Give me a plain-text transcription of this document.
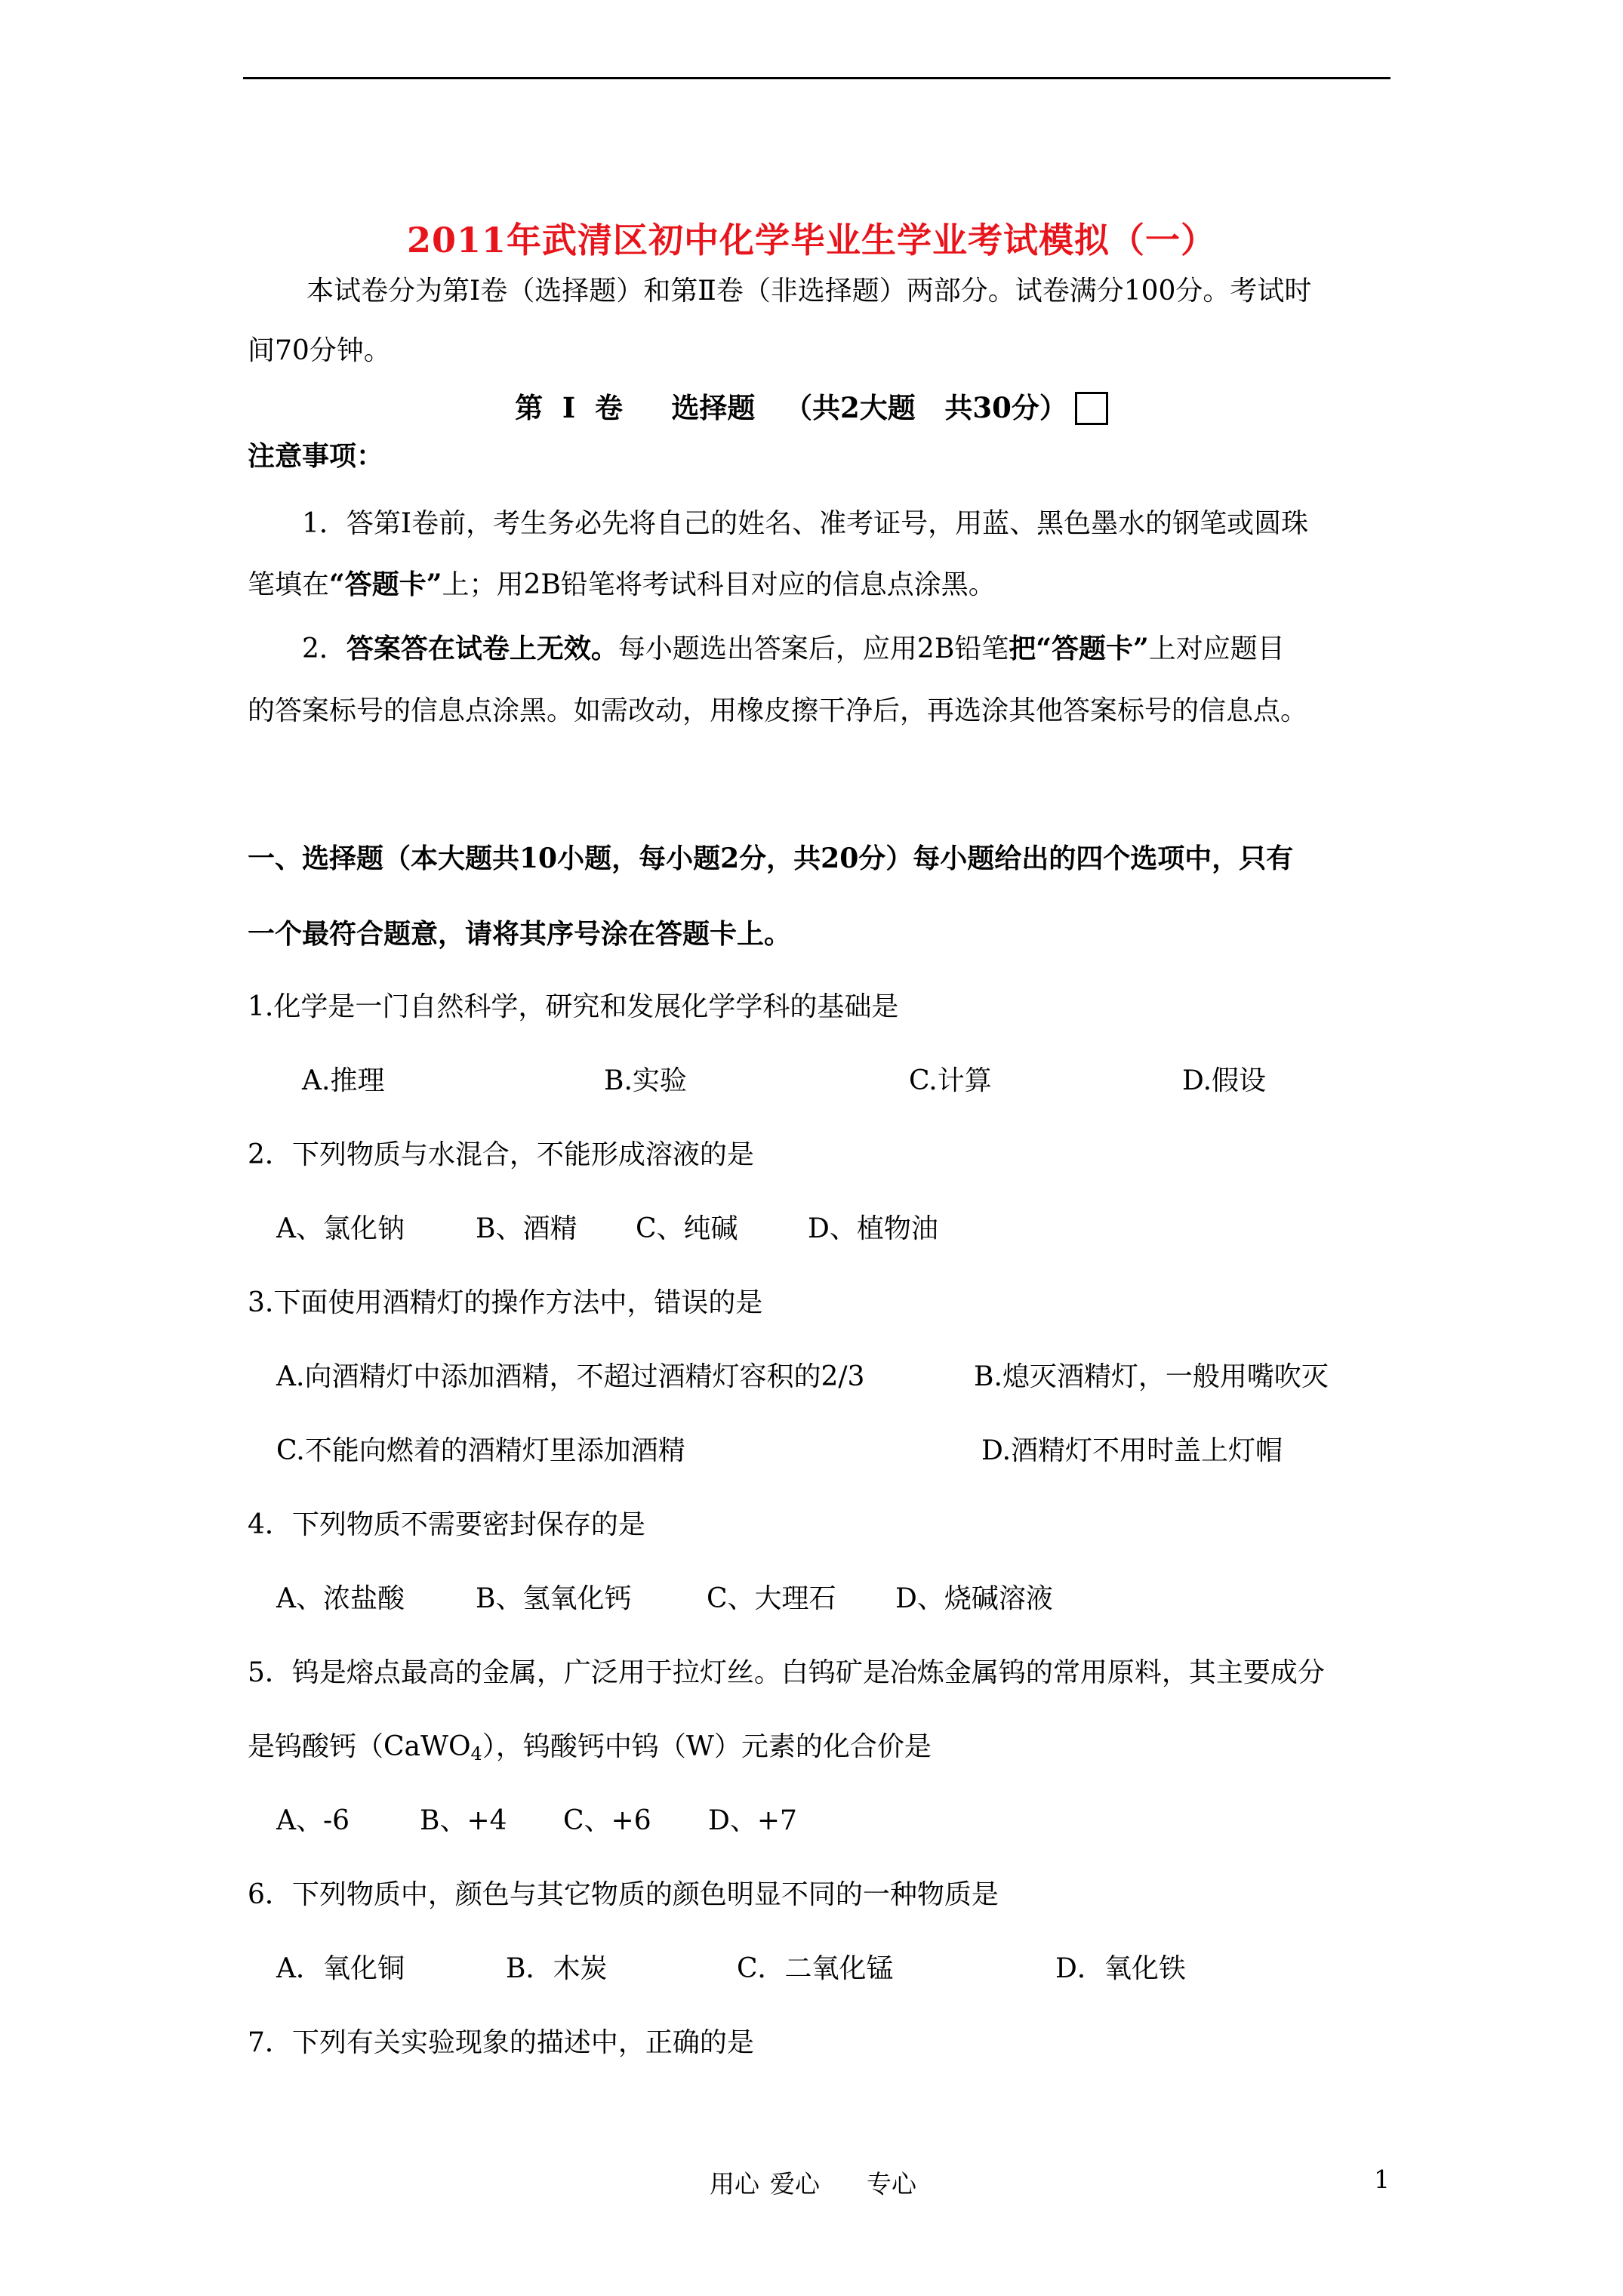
2011年武清区初中化学毕业生学业考试模拟（一）
本试卷分为第Ⅰ卷（选择题）和第Ⅱ卷（非选择题）两部分。试卷满分100分。考试时
间70分钟。
第  Ⅰ  卷     选择题   （共2大题   共30分）
注意事项：
1．答第Ⅰ卷前，考生务必先将自己的姓名、准考证号，用蓝、黑色墨水的钢笔或圆珠
笔填在“答题卡”上；用2B铅笔将考试科目对应的信息点涂黑。
2．答案答在试卷上无效。每小题选出答案后，应用2B铅笔把“答题卡”上对应题目
的答案标号的信息点涂黑。如需改动，用橡皮擦干净后，再选涂其他答案标号的信息点。
一、选择题（本大题共10小题，每小题2分，共20分）每小题给出的四个选项中，只有
一个最符合题意，请将其序号涂在答题卡上。
1.化学是一门自然科学，研究和发展化学学科的基础是
A.推理	B.实验	C.计算	D.假设
2．下列物质与水混合，不能形成溶液的是
A、氯化钠	B、酒精 C、纯碱	D、植物油
3.下面使用酒精灯的操作方法中，错误的是
A.向酒精灯中添加酒精，不超过酒精灯容积的2/3	B.熄灭酒精灯，一般用嘴吹灭
C.不能向燃着的酒精灯里添加酒精	D.酒精灯不用时盖上灯帽
4．下列物质不需要密封保存的是
A、浓盐酸	B、氢氧化钙	C、大理石 D、烧碱溶液
5．钨是熔点最高的金属，广泛用于拉灯丝。白钨矿是冶炼金属钨的常用原料，其主要成分
是钨酸钙（CaWO$_4$），钨酸钙中钨（W）元素的化合价是
A、-6	B、+4 C、+6 D、+7
6．下列物质中，颜色与其它物质的颜色明显不同的一种物质是
A．氧化铜	B．木炭	C．二氧化锰	D．氧化铁
7．下列有关实验现象的描述中，正确的是
用心 爱心 专心	1
